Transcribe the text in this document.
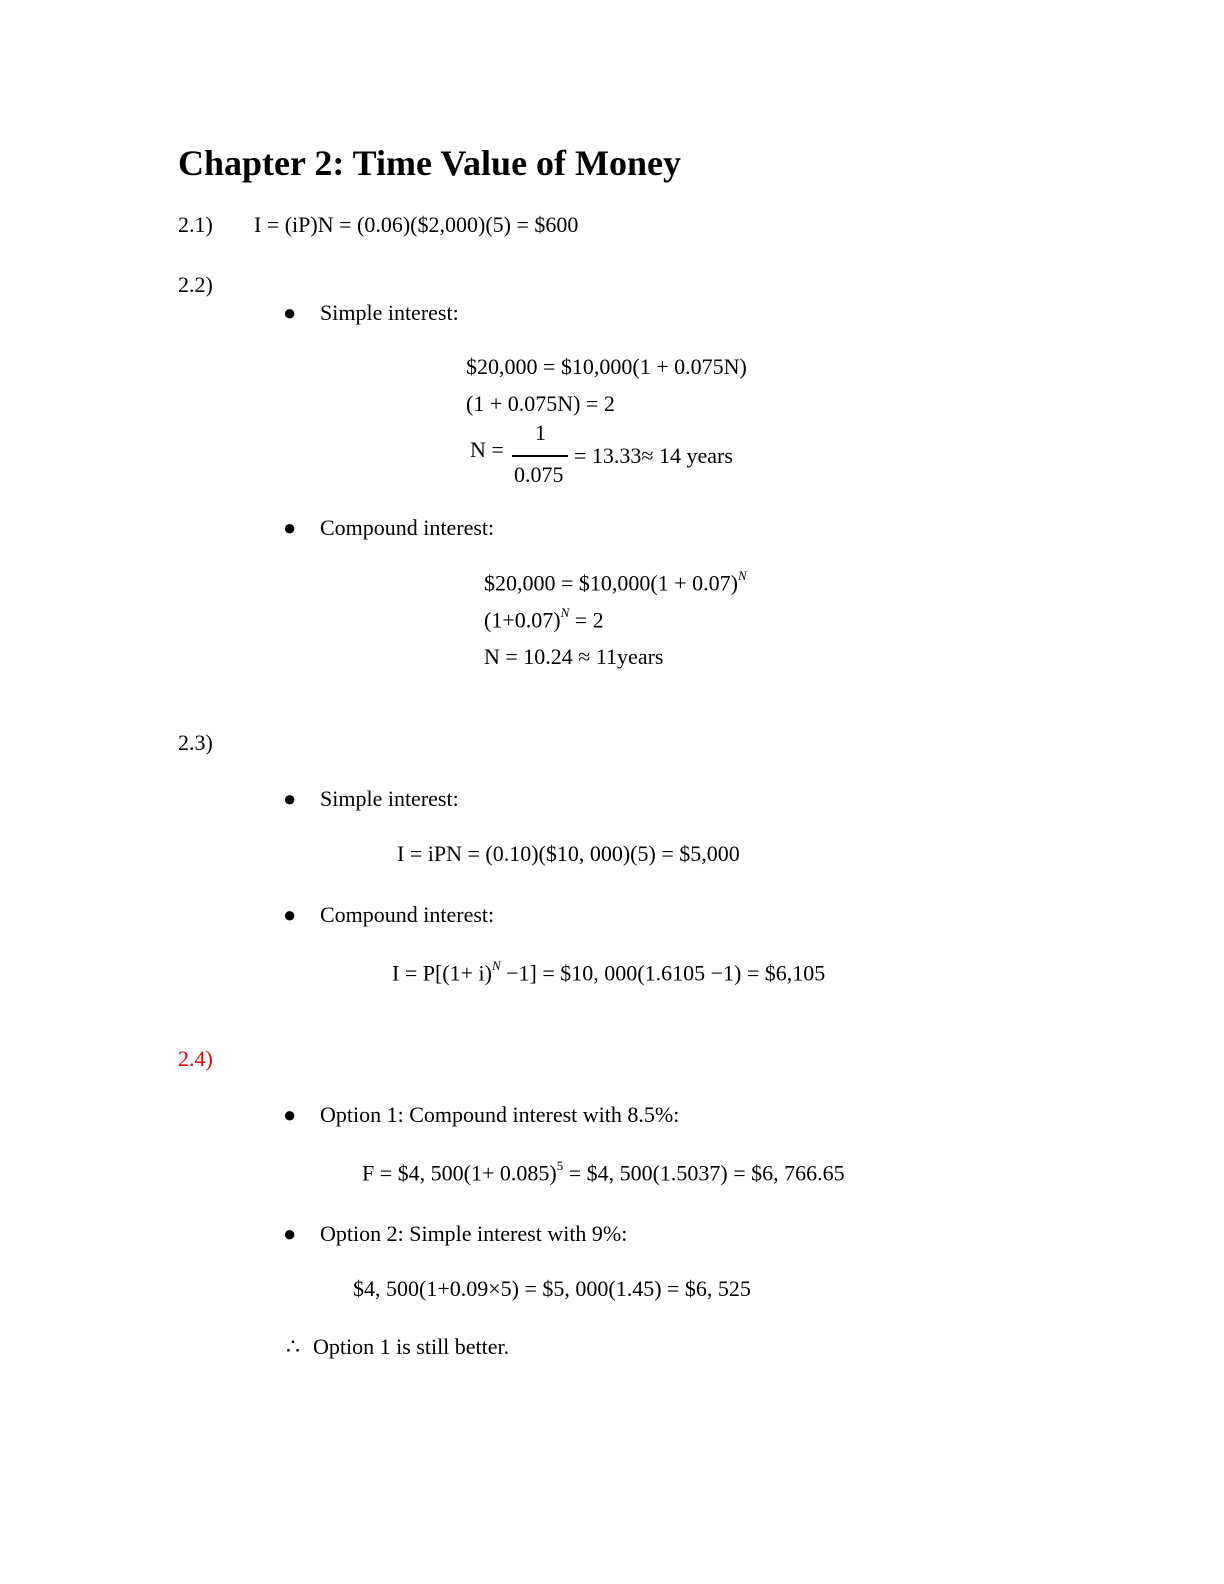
Chapter 2: Time Value of Money
2.1) I = (iP)N = (0.06)($2,000)(5) = $600
2.2)
● Simple interest:
$20,000 = $10,000(1 + 0.075N)
(1 + 0.075N) = 2
N =
1
0.075
= 13.33≈ 14 years
● Compound interest:
$20,000 = $10,000(1 + 0.07)$^N$
$(1+0.07)^N = 2$
N = 10.24 ≈ 11years
2.3)
● Simple interest:
I = iPN = (0.10)($10, 000)(5) = $5,000
● Compound interest:
$I = P[(1+ i)^N -1]$ = $10, 000(1.6105 −1) = $6,105
2.4)
● Option 1: Compound interest with 8.5%:
F = $4, $500(1+ 0.085)^5$ = $4, 500(1.5037) = $6, 766.65
● Option 2: Simple interest with 9%:
$4, 500(1+0.09×5) = $5, 000(1.45) = $6, 525
∴ Option 1 is still better.
